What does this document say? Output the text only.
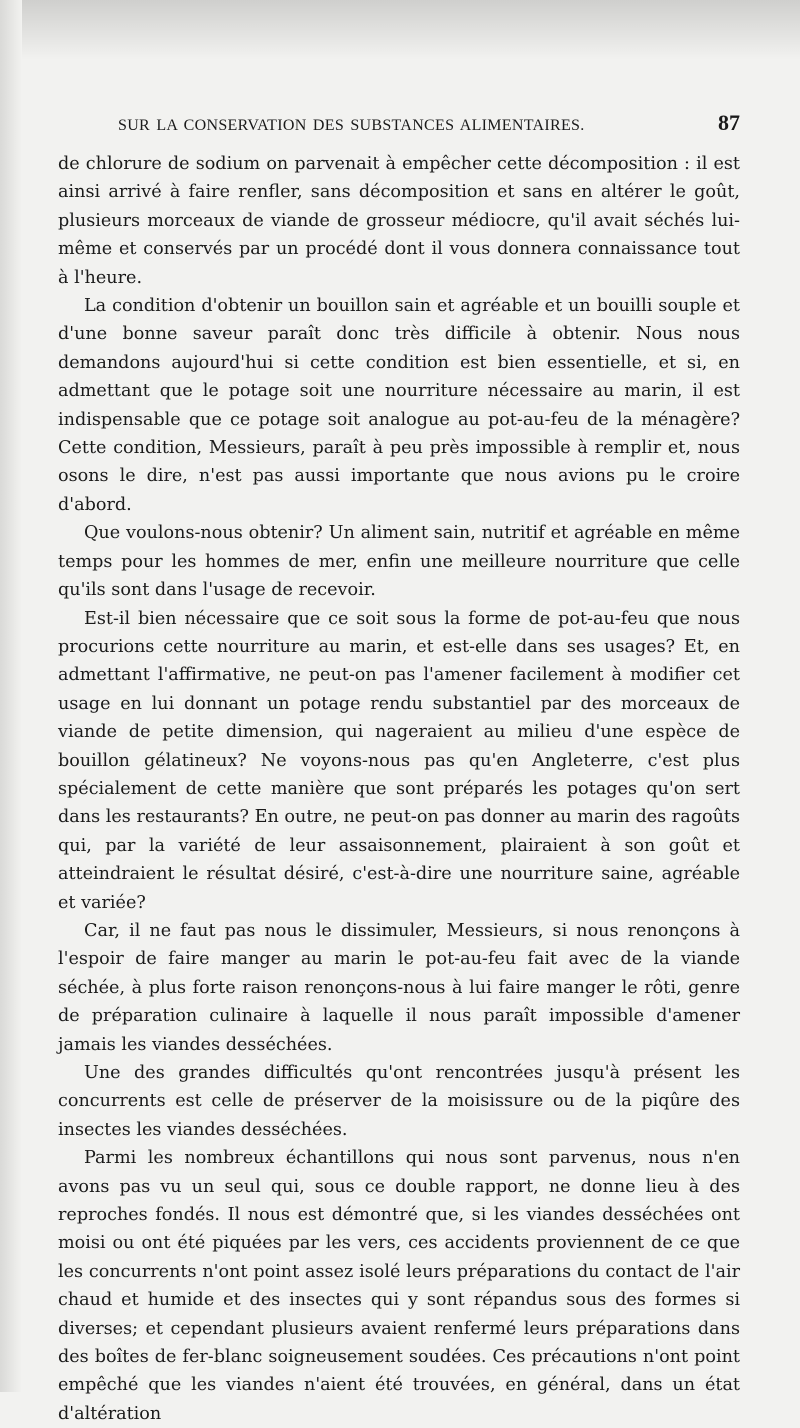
SUR LA CONSERVATION DES SUBSTANCES ALIMENTAIRES.	87

de chlorure de sodium on parvenait à empêcher cette décomposition : il est ainsi arrivé à faire renfler, sans décomposition et sans en altérer le goût, plusieurs morceaux de viande de grosseur médiocre, qu'il avait séchés lui-même et conservés par un procédé dont il vous donnera connaissance tout à l'heure.

La condition d'obtenir un bouillon sain et agréable et un bouilli souple et d'une bonne saveur paraît donc très difficile à obtenir. Nous nous demandons aujourd'hui si cette condition est bien essentielle, et si, en admettant que le potage soit une nourriture nécessaire au marin, il est indispensable que ce potage soit analogue au pot-au-feu de la ménagère? Cette condition, Messieurs, paraît à peu près impossible à remplir et, nous osons le dire, n'est pas aussi importante que nous avions pu le croire d'abord.

Que voulons-nous obtenir? Un aliment sain, nutritif et agréable en même temps pour les hommes de mer, enfin une meilleure nourriture que celle qu'ils sont dans l'usage de recevoir.

Est-il bien nécessaire que ce soit sous la forme de pot-au-feu que nous procurions cette nourriture au marin, et est-elle dans ses usages? Et, en admettant l'affirmative, ne peut-on pas l'amener facilement à modifier cet usage en lui donnant un potage rendu substantiel par des morceaux de viande de petite dimension, qui nageraient au milieu d'une espèce de bouillon gélatineux? Ne voyons-nous pas qu'en Angleterre, c'est plus spécialement de cette manière que sont préparés les potages qu'on sert dans les restaurants? En outre, ne peut-on pas donner au marin des ragoûts qui, par la variété de leur assaisonnement, plairaient à son goût et atteindraient le résultat désiré, c'est-à-dire une nourriture saine, agréable et variée?

Car, il ne faut pas nous le dissimuler, Messieurs, si nous renonçons à l'espoir de faire manger au marin le pot-au-feu fait avec de la viande séchée, à plus forte raison renonçons-nous à lui faire manger le rôti, genre de préparation culinaire à laquelle il nous paraît impossible d'amener jamais les viandes desséchées.

Une des grandes difficultés qu'ont rencontrées jusqu'à présent les concurrents est celle de préserver de la moisissure ou de la piqûre des insectes les viandes desséchées.

Parmi les nombreux échantillons qui nous sont parvenus, nous n'en avons pas vu un seul qui, sous ce double rapport, ne donne lieu à des reproches fondés. Il nous est démontré que, si les viandes desséchées ont moisi ou ont été piquées par les vers, ces accidents proviennent de ce que les concurrents n'ont point assez isolé leurs préparations du contact de l'air chaud et humide et des insectes qui y sont répandus sous des formes si diverses; et cependant plusieurs avaient renfermé leurs préparations dans des boîtes de fer-blanc soigneusement soudées. Ces précautions n'ont point empêché que les viandes n'aient été trouvées, en général, dans un état d'altération
